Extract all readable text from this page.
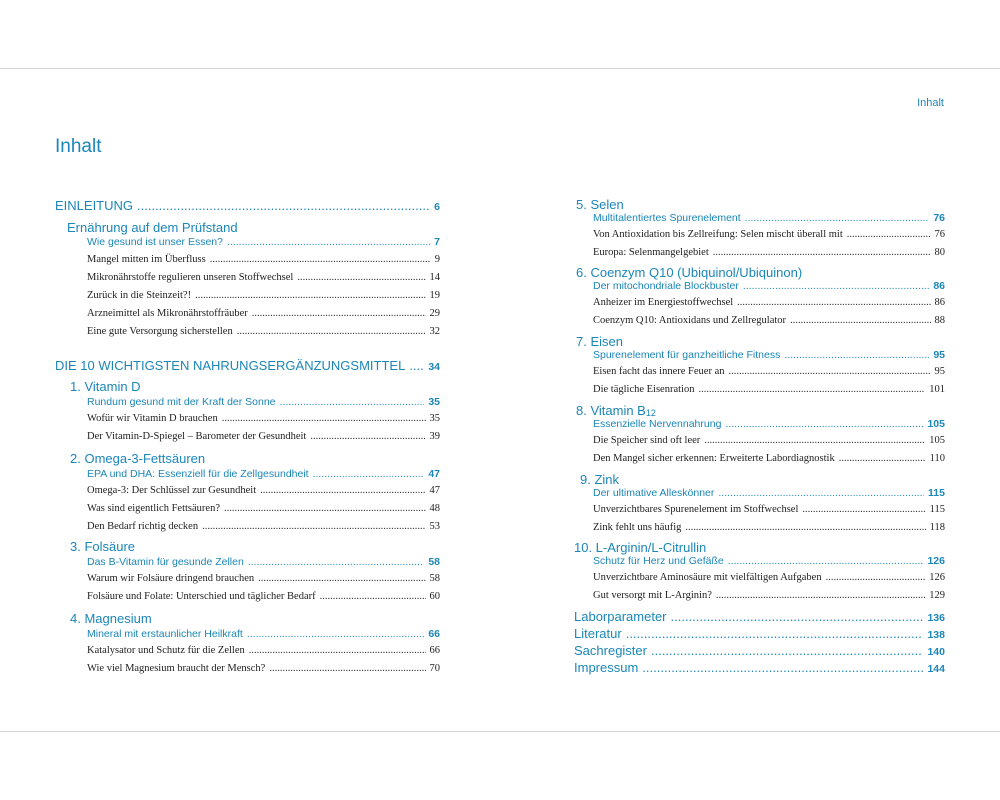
Inhalt
Inhalt
EINLEITUNG .....	6
Ernährung auf dem Prüfstand
Wie gesund ist unser Essen? .....	7
Mangel mitten im Überfluss .....	9
Mikronährstoffe regulieren unseren Stoffwechsel .....	14
Zurück in die Steinzeit?! .....	19
Arzneimittel als Mikronährstoffräuber .....	29
Eine gute Versorgung sicherstellen .....	32
DIE 10 WICHTIGSTEN NAHRUNGSERGÄNZUNGSMITTEL ..... 34
1. Vitamin D
Rundum gesund mit der Kraft der Sonne .....	35
Wofür wir Vitamin D brauchen .....	35
Der Vitamin-D-Spiegel – Barometer der Gesundheit .....	39
2. Omega-3-Fettsäuren
EPA und DHA: Essenziell für die Zellgesundheit .....	47
Omega-3: Der Schlüssel zur Gesundheit .....	47
Was sind eigentlich Fettsäuren? .....	48
Den Bedarf richtig decken .....	53
3. Folsäure
Das B-Vitamin für gesunde Zellen .....	58
Warum wir Folsäure dringend brauchen .....	58
Folsäure und Folate: Unterschied und täglicher Bedarf .....	60
4. Magnesium
Mineral mit erstaunlicher Heilkraft .....	66
Katalysator und Schutz für die Zellen .....	66
Wie viel Magnesium braucht der Mensch? .....	70
5. Selen
Multitalentiertes Spurenelement .....	76
Von Antioxidation bis Zellreifung: Selen mischt überall mit .....	76
Europa: Selenmangelgebiet .....	80
6. Coenzym Q10 (Ubiquinol/Ubiquinon)
Der mitochondriale Blockbuster .....	86
Anheizer im Energiestoffwechsel .....	86
Coenzym Q10: Antioxidans und Zellregulator .....	88
7. Eisen
Spurenelement für ganzheitliche Fitness .....	95
Eisen facht das innere Feuer an .....	95
Die tägliche Eisenration .....	101
8. Vitamin B 12
Essenzielle Nervennahrung .....	105
Die Speicher sind oft leer .....	105
Den Mangel sicher erkennen: Erweiterte Labordiagnostik .....	110
9. Zink
Der ultimative Alleskönner .....	115
Unverzichtbares Spurenelement im Stoffwechsel .....	115
Zink fehlt uns häufig .....	118
10. L-Arginin/L-Citrullin
Schutz für Herz und Gefäße .....	126
Unverzichtbare Aminosäure mit vielfältigen Aufgaben .....	126
Gut versorgt mit L-Arginin? .....	129
Laborparameter .....	136
Literatur .....	138
Sachregister .....	140
Impressum .....	144
